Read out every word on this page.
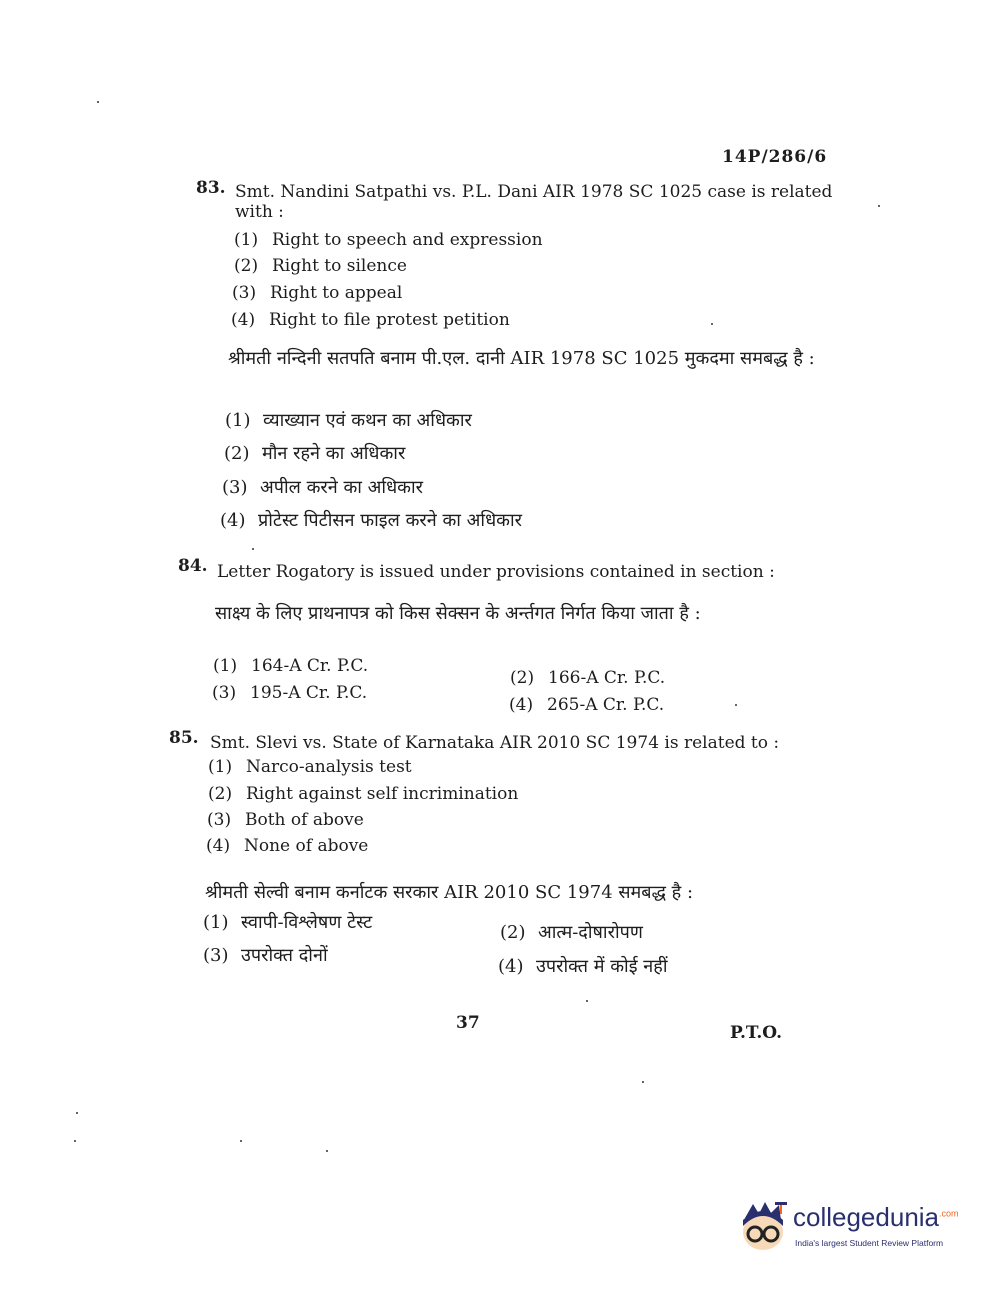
14P/286/6
83. Smt. Nandini Satpathi vs. P.L. Dani AIR 1978 SC 1025 case is related with :
(1) Right to speech and expression
(2) Right to silence
(3) Right to appeal
(4) Right to file protest petition
श्रीमती नन्दिनी सतपति बनाम पी.एल. दानी AIR 1978 SC 1025 मुकदमा समबद्ध है :
(1) व्याख्यान एवं कथन का अधिकार
(2) मौन रहने का अधिकार
(3) अपील करने का अधिकार
(4) प्रोटेस्ट पिटीसन फाइल करने का अधिकार
84. Letter Rogatory is issued under provisions contained in section :
साक्ष्य के लिए प्राथनापत्र को किस सेक्सन के अर्न्तगत निर्गत किया जाता है :
(1) 164-A Cr. P.C.
(2) 166-A Cr. P.C.
(3) 195-A Cr. P.C.
(4) 265-A Cr. P.C.
85. Smt. Slevi vs. State of Karnataka AIR 2010 SC 1974 is related to :
(1) Narco-analysis test
(2) Right against self incrimination
(3) Both of above
(4) None of above
श्रीमती सेल्वी बनाम कर्नाटक सरकार AIR 2010 SC 1974 समबद्ध है :
(1) स्वापी-विश्लेषण टेस्ट	(2) आत्म-दोषारोपण
(3) उपरोक्त दोनों
(4) उपरोक्त में कोई नहीं
37	P.T.O.
collegedunia$^{.com}$
India's largest Student Review Platform
